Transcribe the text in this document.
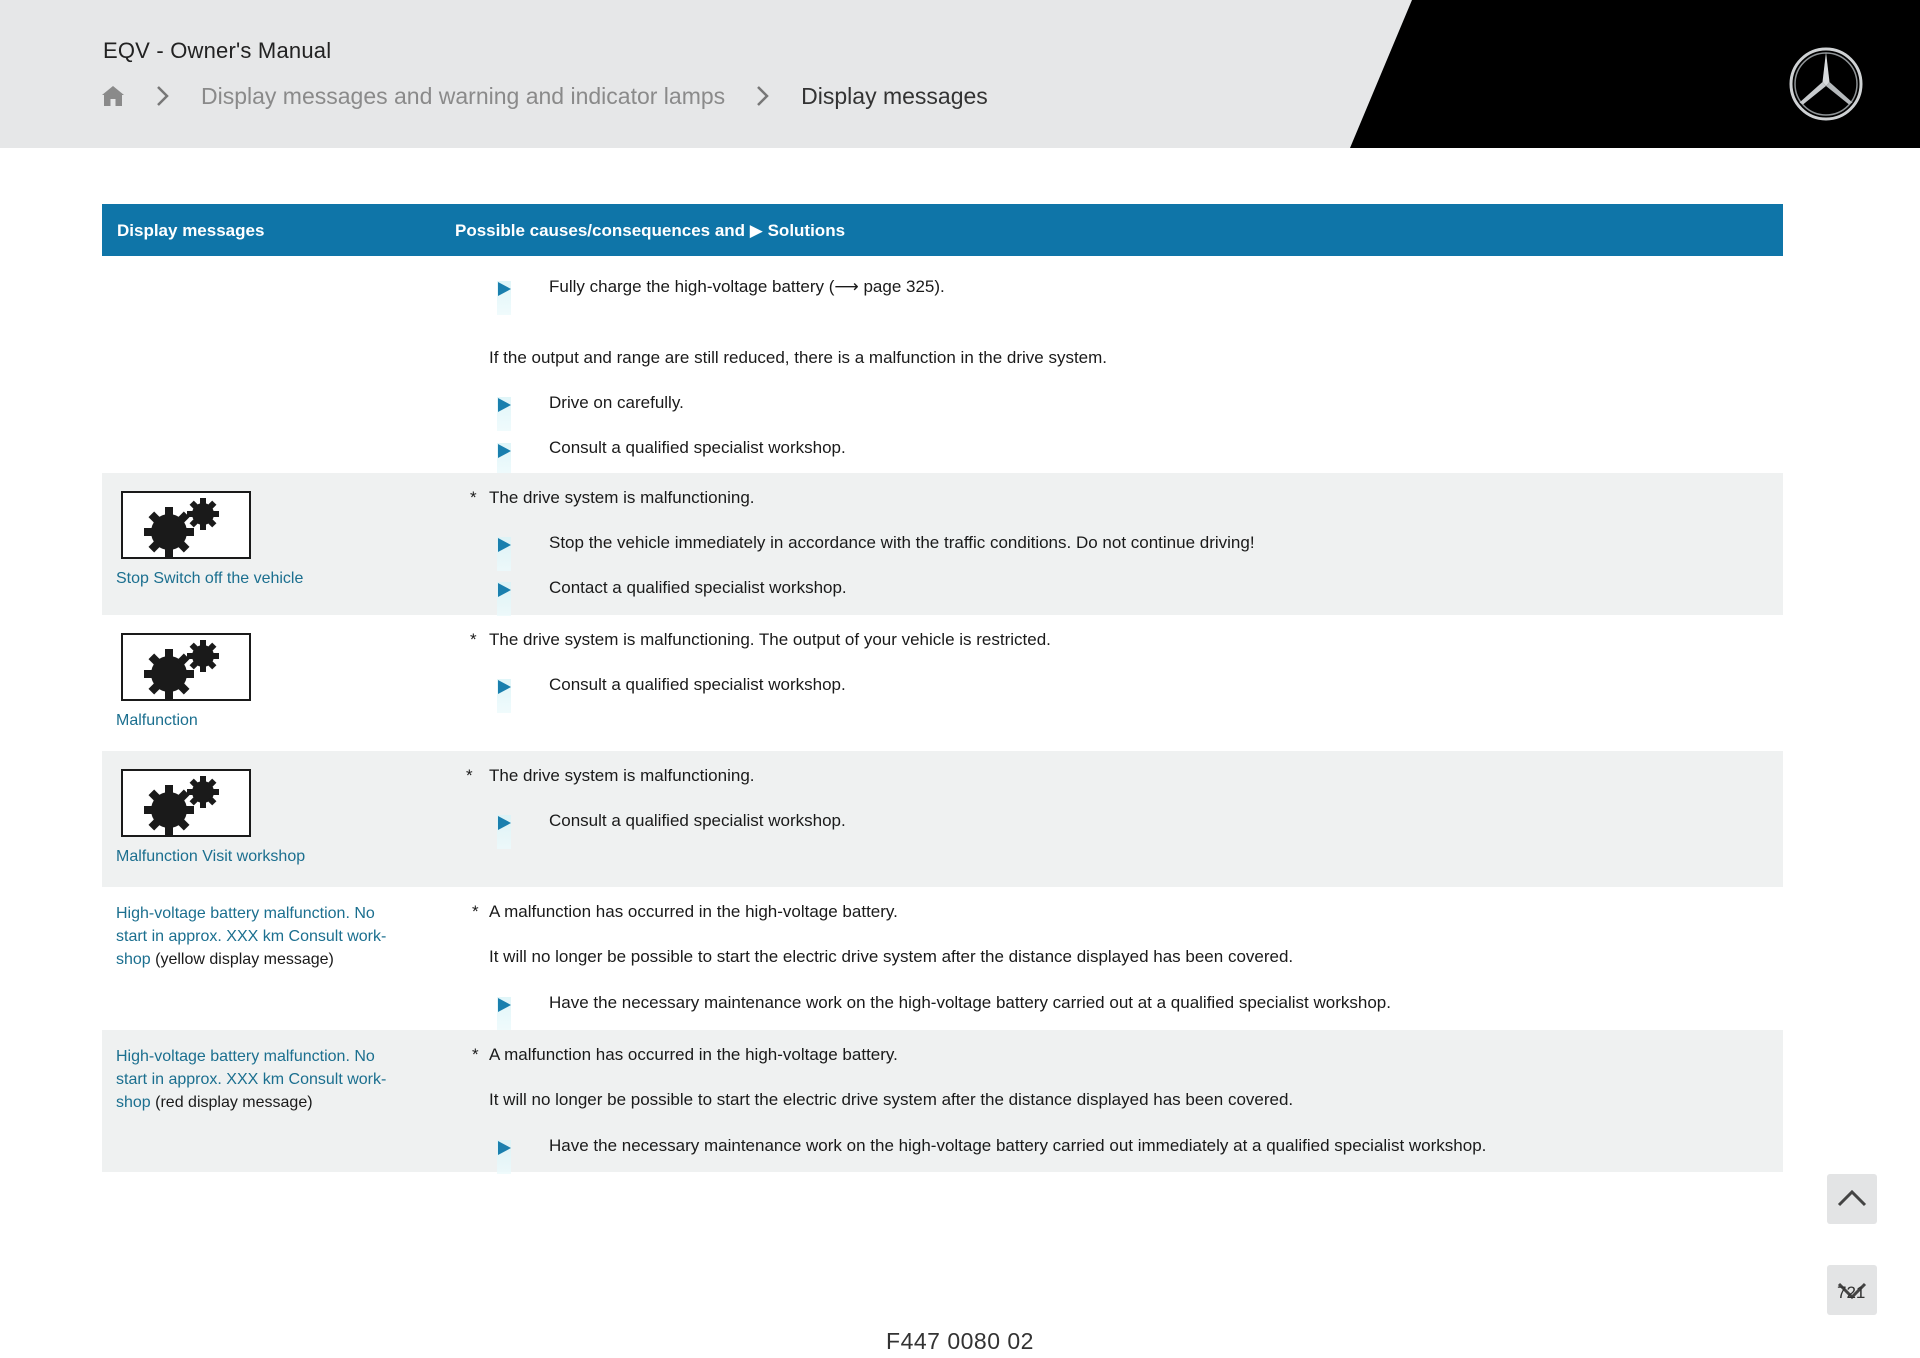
EQV - Owner's Manual
Display messages and warning and indicator lamps	Display messages
Display messages	Possible causes/consequences and ▶ Solutions
Fully charge the high-voltage battery (⟶ page 325).
If the output and range are still reduced, there is a malfunction in the drive system.
Drive on carefully.
Consult a qualified specialist workshop.
Stop Switch off the vehicle
* The drive system is malfunctioning.
Stop the vehicle immediately in accordance with the traffic conditions. Do not continue driving!
Contact a qualified specialist workshop.
Malfunction
* The drive system is malfunctioning. The output of your vehicle is restricted.
Consult a qualified specialist workshop.
Malfunction Visit workshop
* The drive system is malfunctioning.
Consult a qualified specialist workshop.
High-voltage battery malfunction. No
start in approx. XXX km Consult work-
shop (yellow display message)
* A malfunction has occurred in the high-voltage battery.
It will no longer be possible to start the electric drive system after the distance displayed has been covered.
Have the necessary maintenance work on the high-voltage battery carried out at a qualified specialist workshop.
High-voltage battery malfunction. No
start in approx. XXX km Consult work-
shop (red display message)
* A malfunction has occurred in the high-voltage battery.
It will no longer be possible to start the electric drive system after the distance displayed has been covered.
Have the necessary maintenance work on the high-voltage battery carried out immediately at a qualified specialist workshop.
721
F447 0080 02
